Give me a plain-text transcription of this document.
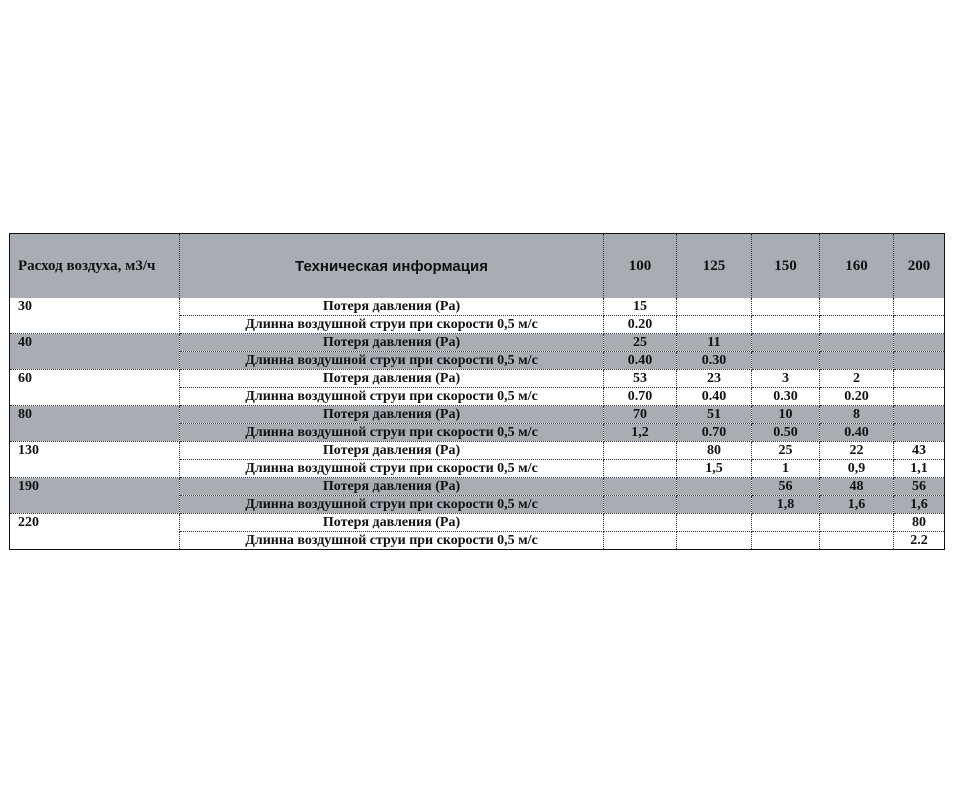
Расход воздуха, м3/ч	Техническая информация	100	125	150	160	200
30	Потеря давления (Pa)	15				
	Длинна воздушной струи при скорости 0,5 м/с	0.20				
40	Потеря давления (Pa)	25	11			
	Длинна воздушной струи при скорости 0,5 м/с	0.40	0.30			
60	Потеря давления (Pa)	53	23	3	2	
	Длинна воздушной струи при скорости 0,5 м/с	0.70	0.40	0.30	0.20	
80	Потеря давления (Pa)	70	51	10	8	
	Длинна воздушной струи при скорости 0,5 м/с	1,2	0.70	0.50	0.40	
130	Потеря давления (Pa)		80	25	22	43
	Длинна воздушной струи при скорости 0,5 м/с		1,5	1	0,9	1,1
190	Потеря давления (Pa)			56	48	56
	Длинна воздушной струи при скорости 0,5 м/с			1,8	1,6	1,6
220	Потеря давления (Pa)					80
	Длинна воздушной струи при скорости 0,5 м/с					2.2
